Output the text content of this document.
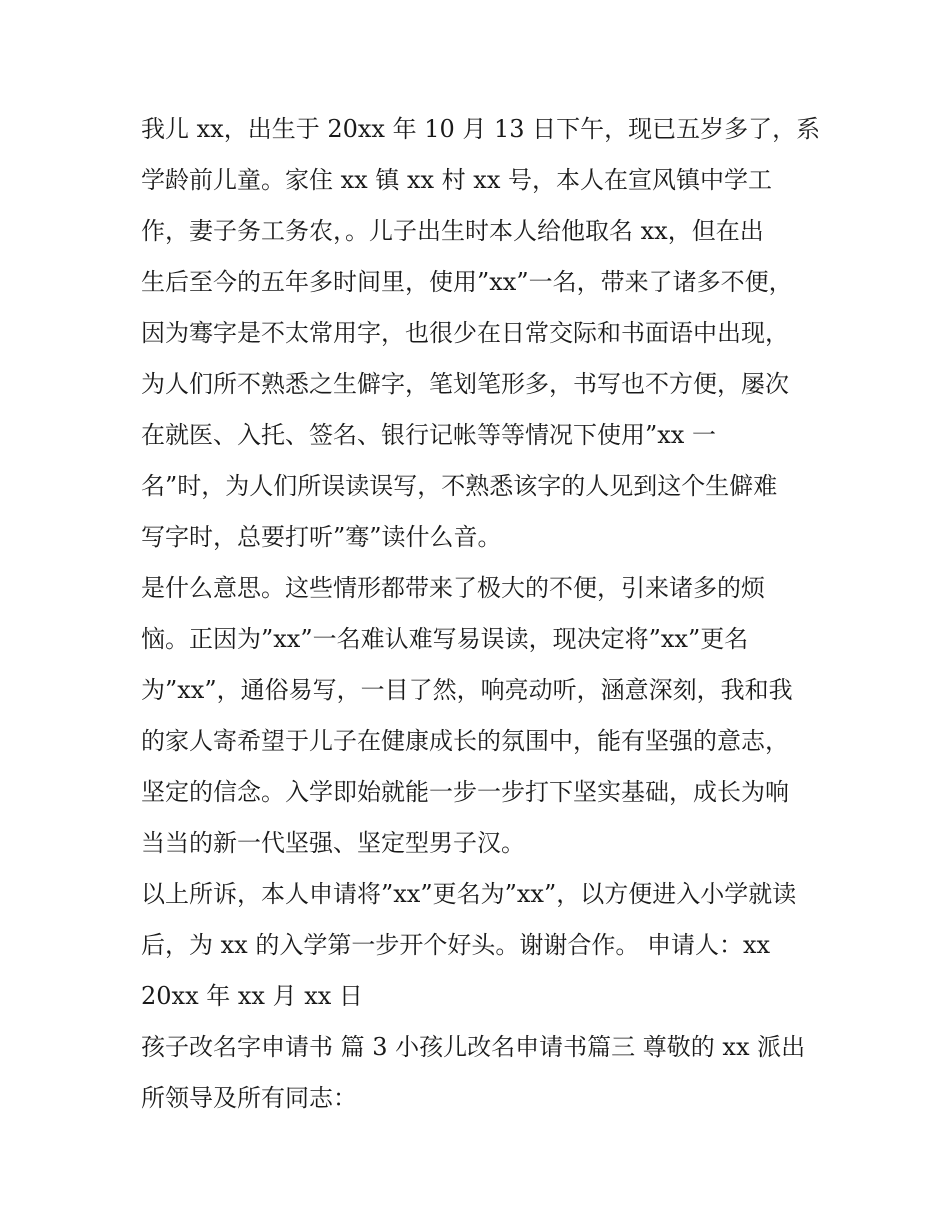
我儿 xx，出生于 20xx 年 10 月 13 日下午，现已五岁多了，系
学龄前儿童。家住 xx 镇 xx 村 xx 号，本人在宣风镇中学工
作，妻子务工务农，。儿子出生时本人给他取名 xx，但在出
生后至今的五年多时间里，使用”xx”一名，带来了诸多不便，
因为骞字是不太常用字，也很少在日常交际和书面语中出现，
为人们所不熟悉之生僻字，笔划笔形多，书写也不方便，屡次
在就医、入托、签名、银行记帐等等情况下使用”xx 一
名”时，为人们所误读误写，不熟悉该字的人见到这个生僻难
写字时，总要打听”骞”读什么音。
是什么意思。这些情形都带来了极大的不便，引来诸多的烦
恼。正因为”xx”一名难认难写易误读，现决定将”xx”更名
为”xx”，通俗易写，一目了然，响亮动听，涵意深刻，我和我
的家人寄希望于儿子在健康成长的氛围中，能有坚强的意志，
坚定的信念。入学即始就能一步一步打下坚实基础，成长为响
当当的新一代坚强、坚定型男子汉。
以上所诉，本人申请将”xx”更名为”xx”，以方便进入小学就读
后，为 xx 的入学第一步开个好头。谢谢合作。 申请人：xx
20xx 年 xx 月 xx 日
孩子改名字申请书 篇 3 小孩儿改名申请书篇三 尊敬的 xx 派出
所领导及所有同志：
